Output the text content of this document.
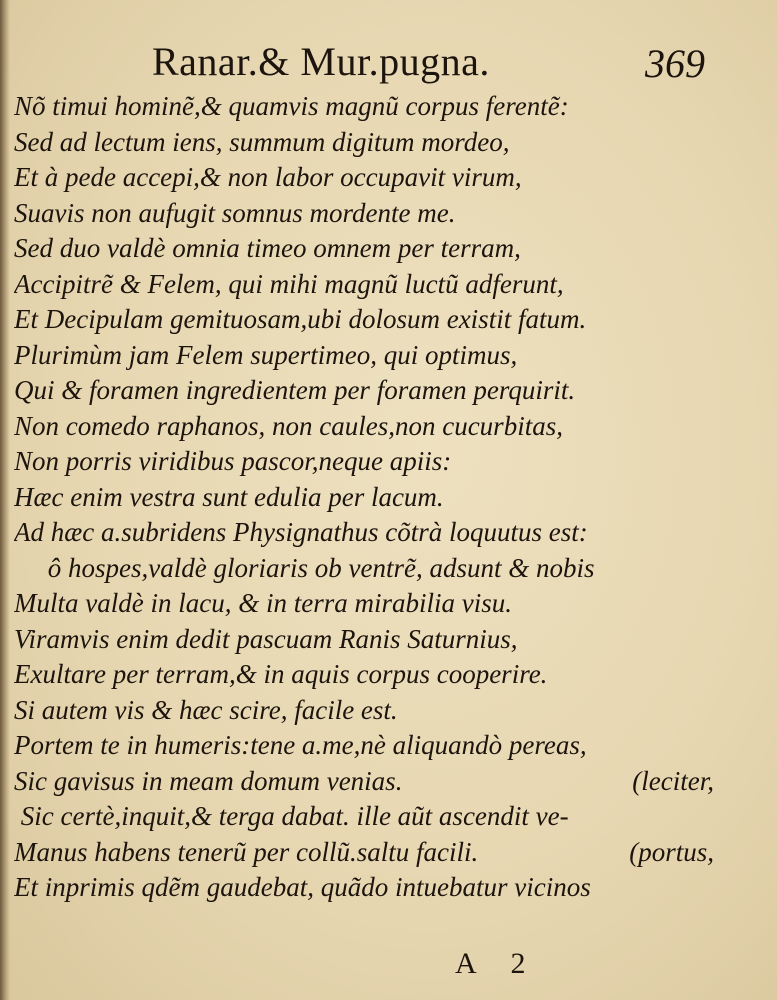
Ranar.& Mur.pugna.	369
Nõ timui hominẽ,& quamvis magnũ corpus ferentẽ:
Sed ad lectum iens, summum digitum mordeo,
Et à pede accepi,& non labor occupavit virum,
Suavis non aufugit somnus mordente me.
Sed duo valdè omnia timeo omnem per terram,
Accipitrẽ & Felem, qui mihi magnũ luctũ adferunt,
Et Decipulam gemituosam,ubi dolosum existit fatum.
Plurimùm jam Felem supertimeo, qui optimus,
Qui & foramen ingredientem per foramen perquirit.
Non comedo raphanos, non caules,non cucurbitas,
Non porris viridibus pascor,neque apiis:
Hæc enim vestra sunt edulia per lacum.
Ad hæc a.subridens Physignathus cõtrà loquutus est:
ô hospes,valdè gloriaris ob ventrẽ, adsunt & nobis
Multa valdè in lacu, & in terra mirabilia visu.
Viramvis enim dedit pascuam Ranis Saturnius,
Exultare per terram,& in aquis corpus cooperire.
Si autem vis & hæc scire, facile est.
Portem te in humeris:tene a.me,nè aliquandò pereas,
Sic gavisus in meam domum venias.	(leciter,
Sic certè,inquit,& terga dabat. ille aũt ascendit ve-
Manus habens tenerũ per collũ.saltu facili.	(portus,
Et inprimis qdẽm gaudebat, quãdo intuebatur vicinos
A 2
